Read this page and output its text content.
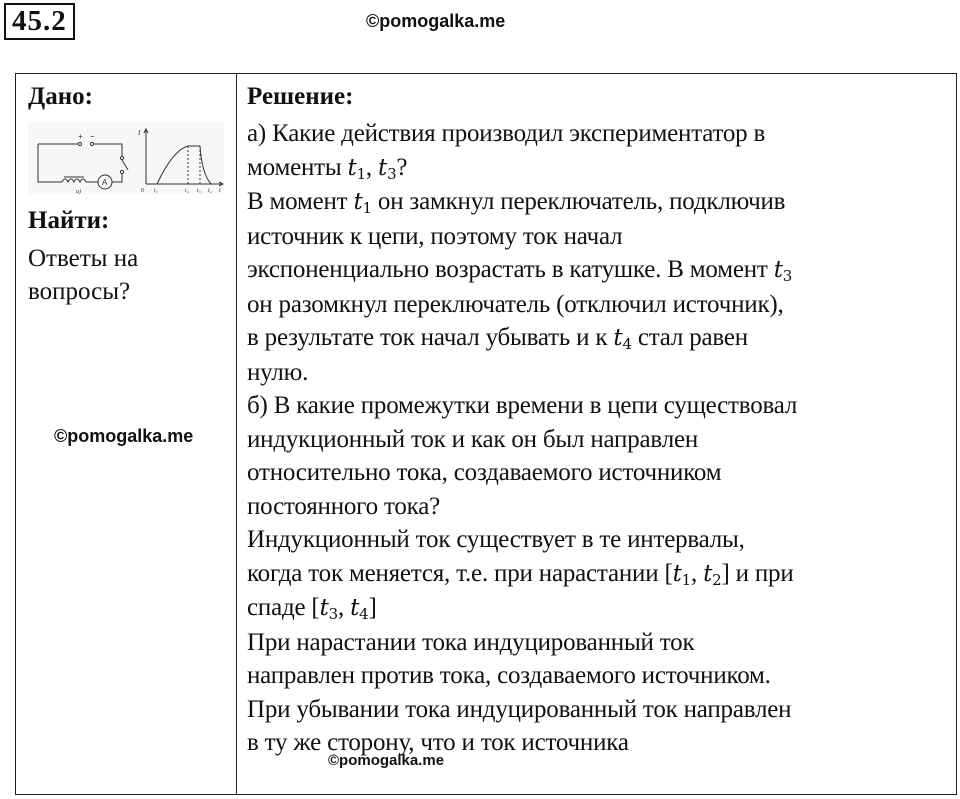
45.2	©pomogalka.me
Дано:
+ −
A
а)
I
0 t₁	t₂ t₃ t₄ t
Найти:
Ответы на
вопросы?
Решение:
а) Какие действия производил экспериментатор в
моменты $t_1$, $t_3$?
В момент $t_1$ он замкнул переключатель, подключив
источник к цепи, поэтому ток начал
экспоненциально возрастать в катушке. В момент $t_3$
он разомкнул переключатель (отключил источник),
в результате ток начал убывать и к $t_4$ стал равен
нулю.
б) В какие промежутки времени в цепи существовал
индукционный ток и как он был направлен
относительно тока, создаваемого источником
постоянного тока?
Индукционный ток существует в те интервалы,
когда ток меняется, т.е. при нарастании [$t_1$, $t_2$] и при
спаде [$t_3$, $t_4$]
При нарастании тока индуцированный ток
направлен против тока, создаваемого источником.
При убывании тока индуцированный ток направлен
в ту же сторону, что и ток источника
©pomogalka.me
©pomogalka.me
